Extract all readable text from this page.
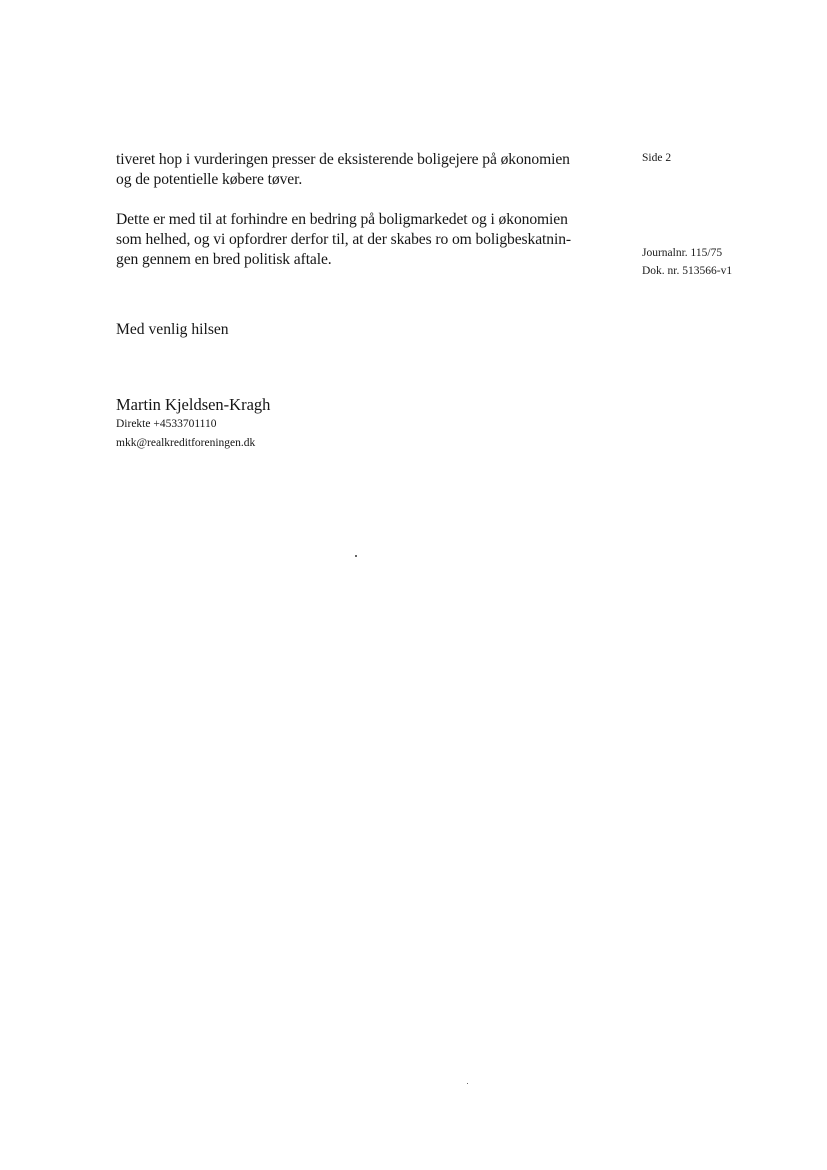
tiveret hop i vurderingen presser de eksisterende boligejere på økonomien
og de potentielle købere tøver.

Dette er med til at forhindre en bedring på boligmarkedet og i økonomien
som helhed, og vi opfordrer derfor til, at der skabes ro om boligbeskatnin-
gen gennem en bred politisk aftale.

Side 2
Journalnr. 115/75
Dok. nr. 513566-v1
Med venlig hilsen
Martin Kjeldsen-Kragh
Direkte +4533701110
mkk@realkreditforeningen.dk
